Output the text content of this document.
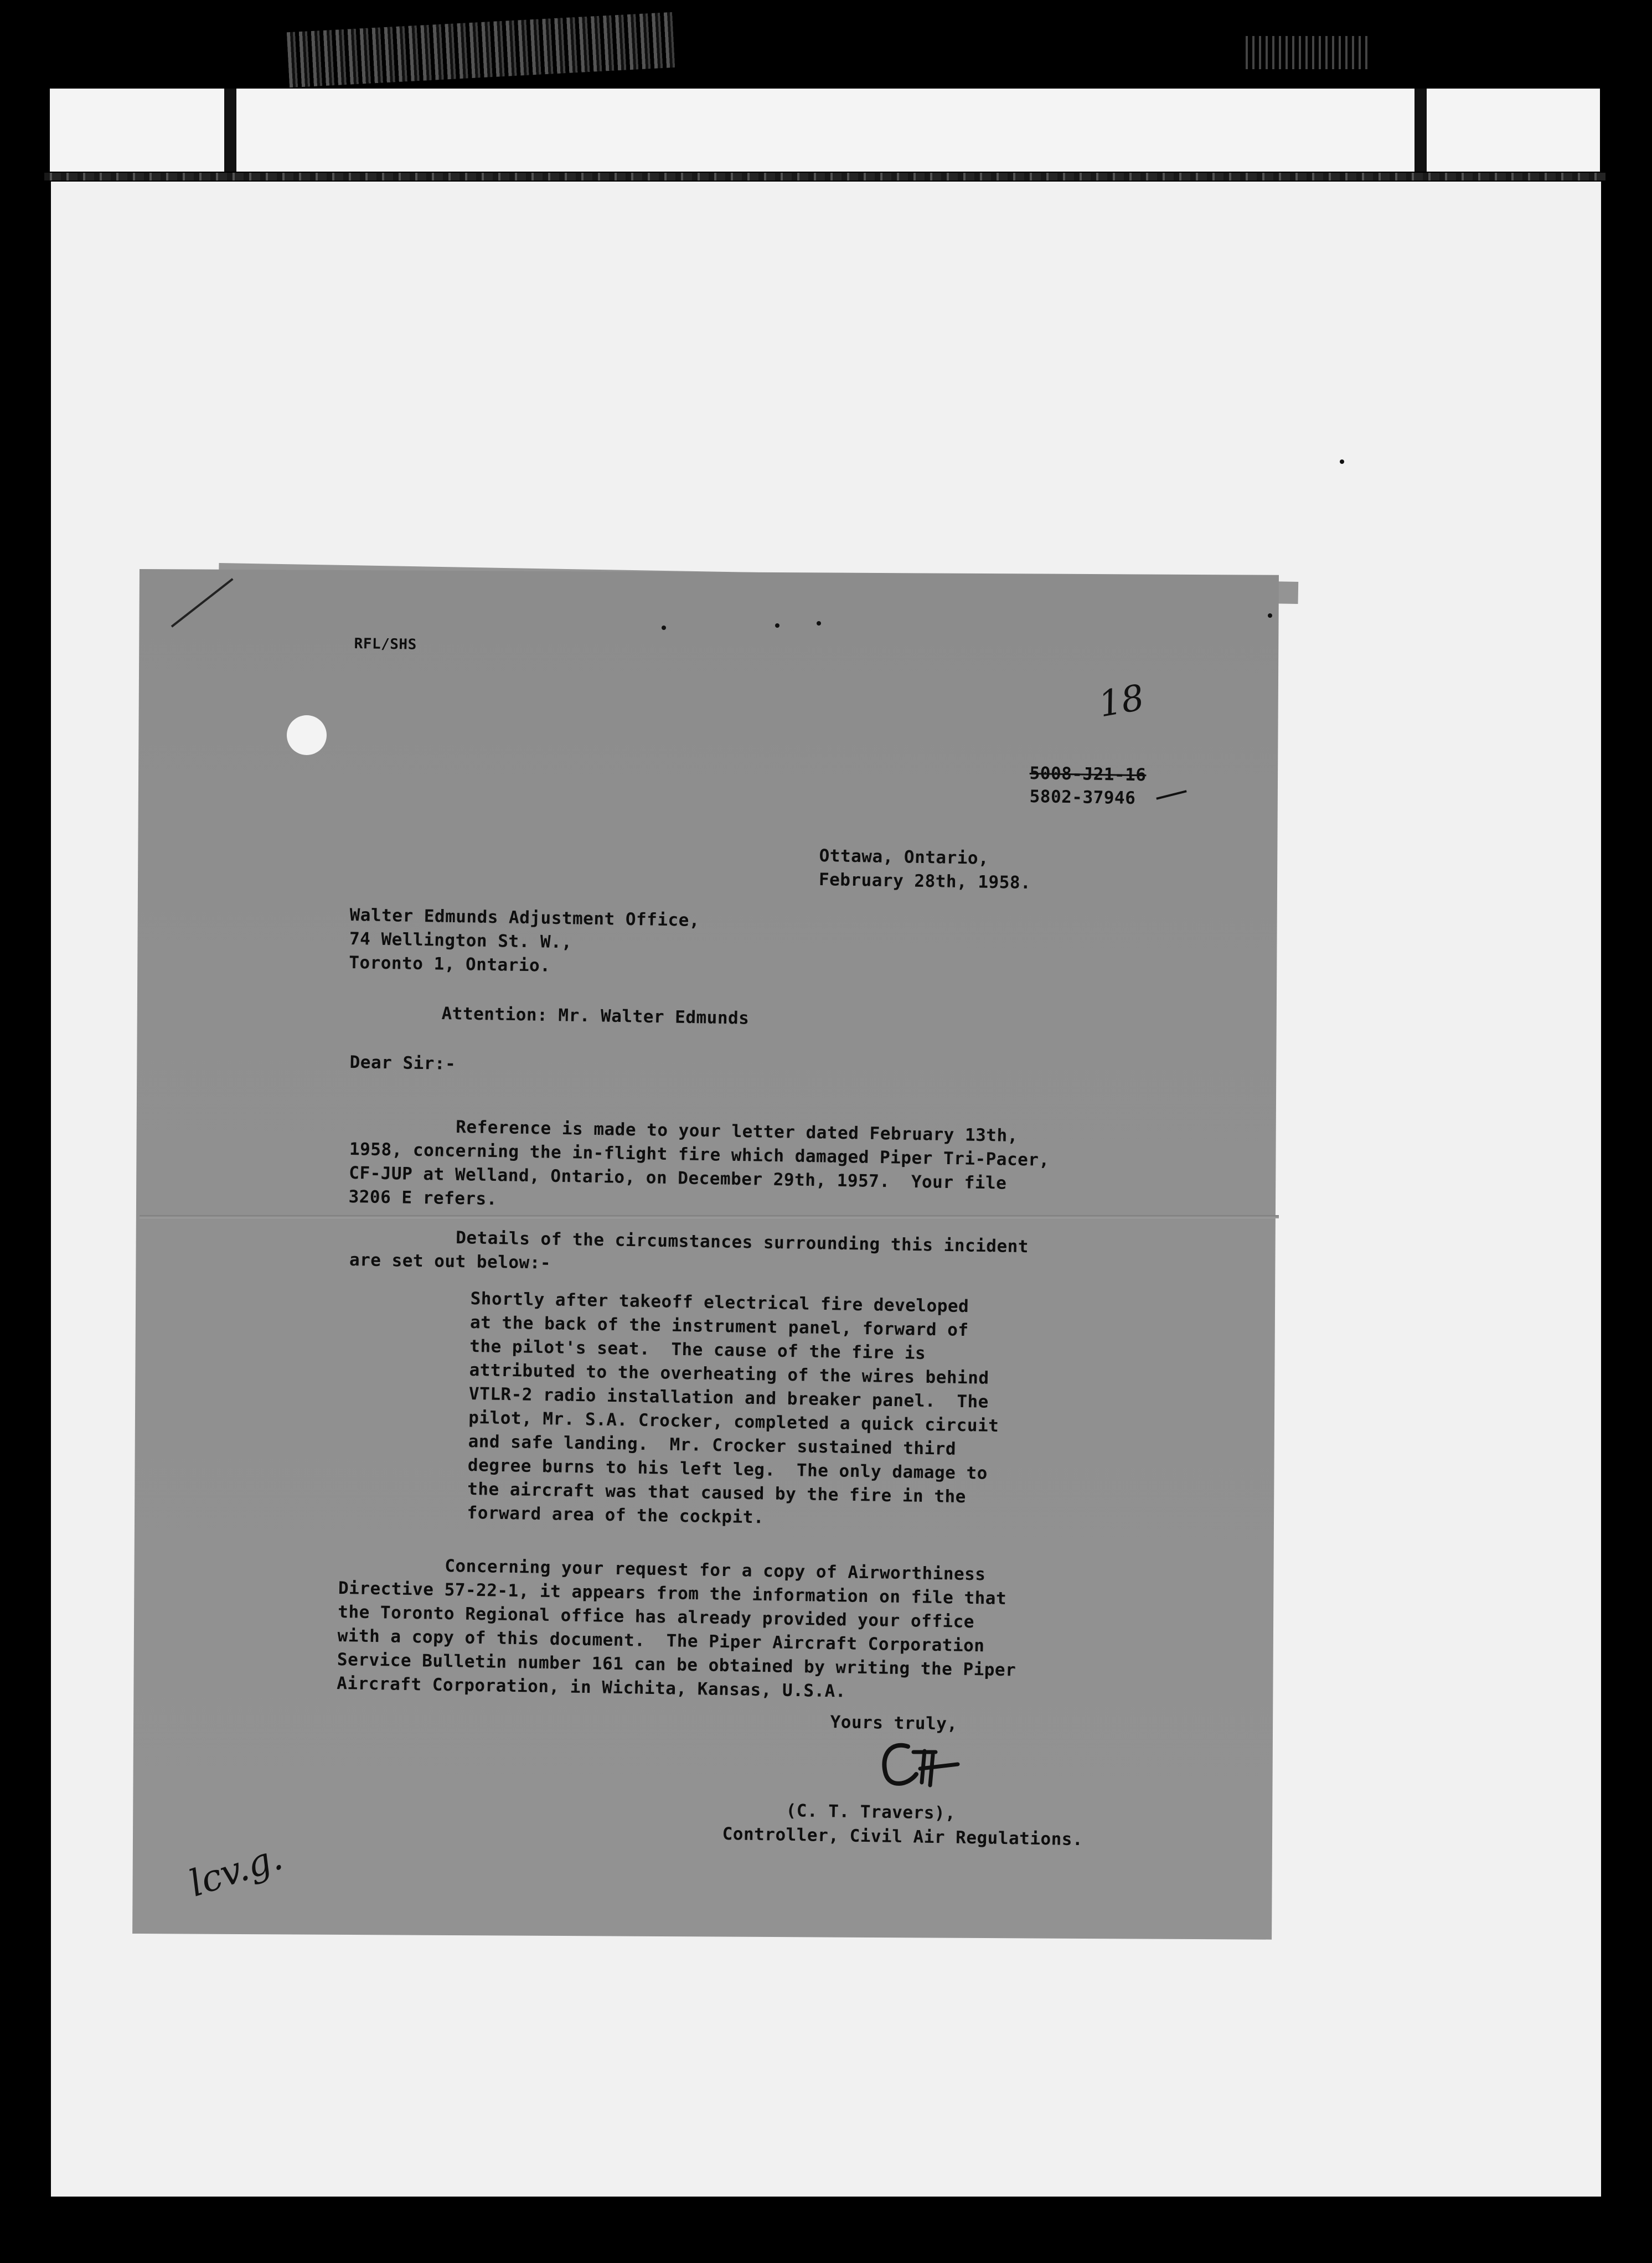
RFL/SHS

18

5008-J21-16

5802-37946

Ottawa, Ontario,
February 28th, 1958.

Walter Edmunds Adjustment Office,
74 Wellington St. W.,
Toronto 1, Ontario.

Attention: Mr. Walter Edmunds

Dear Sir:-

Reference is made to your letter dated February 13th,
1958, concerning the in-flight fire which damaged Piper Tri-Pacer,
CF-JUP at Welland, Ontario, on December 29th, 1957.  Your file
3206 E refers.

Details of the circumstances surrounding this incident
are set out below:-

Shortly after takeoff electrical fire developed
at the back of the instrument panel, forward of
the pilot's seat.  The cause of the fire is
attributed to the overheating of the wires behind
VTLR-2 radio installation and breaker panel.  The
pilot, Mr. S.A. Crocker, completed a quick circuit
and safe landing.  Mr. Crocker sustained third
degree burns to his left leg.  The only damage to
the aircraft was that caused by the fire in the
forward area of the cockpit.

Concerning your request for a copy of Airworthiness
Directive 57-22-1, it appears from the information on file that
the Toronto Regional office has already provided your office
with a copy of this document.  The Piper Aircraft Corporation
Service Bulletin number 161 can be obtained by writing the Piper
Aircraft Corporation, in Wichita, Kansas, U.S.A.

Yours truly,

(C. T. Travers),

Controller, Civil Air Regulations.

lcv.g.
